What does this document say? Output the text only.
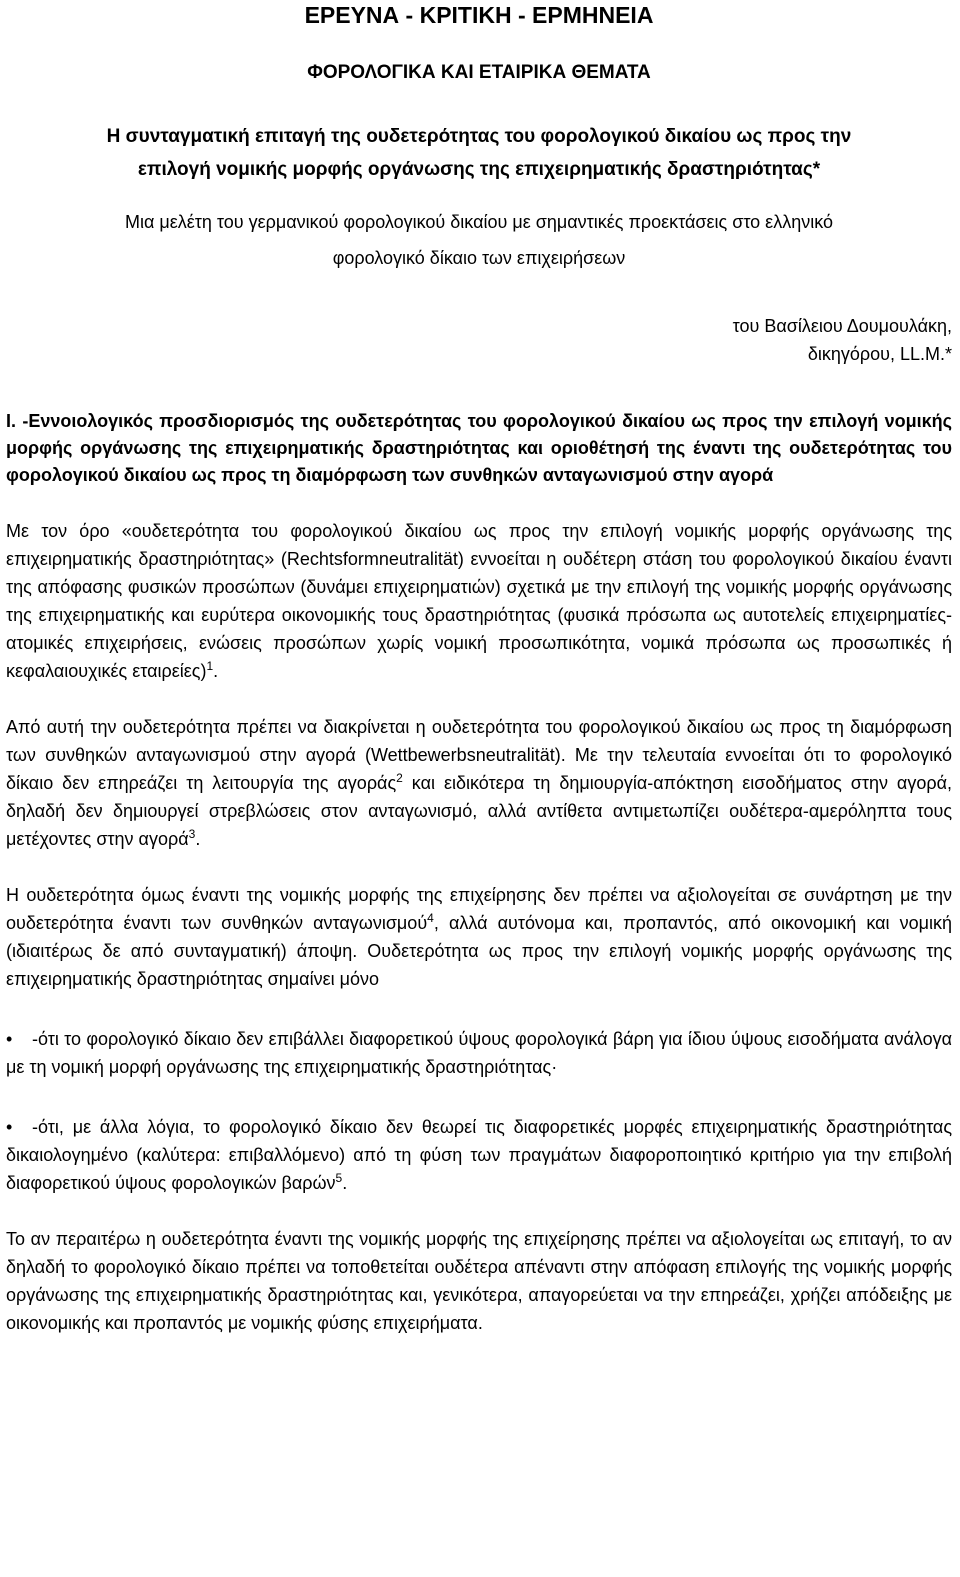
ΕΡΕΥΝΑ - ΚΡΙΤΙΚΗ - ΕΡΜΗΝΕΙΑ
ΦΟΡΟΛΟΓΙΚΑ ΚΑΙ ΕΤΑΙΡΙΚΑ ΘΕΜΑΤΑ
Η συνταγματική επιταγή της ουδετερότητας του φορολογικού δικαίου ως προς την
επιλογή νομικής μορφής οργάνωσης της επιχειρηματικής δραστηριότητας*
Μια μελέτη του γερμανικού φορολογικού δικαίου με σημαντικές προεκτάσεις στο ελληνικό
φορολογικό δίκαιο των επιχειρήσεων
του Βασίλειου Δουμουλάκη,
δικηγόρου, LL.M.*
I. -Εννοιολογικός προσδιορισμός της ουδετερότητας του φορολογικού δικαίου ως προς την επιλογή νομικής μορφής οργάνωσης της επιχειρηματικής δραστηριότητας και οριοθέτησή της έναντι της ουδετερότητας του φορολογικού δικαίου ως προς τη διαμόρφωση των συνθηκών ανταγωνισμού στην αγορά

Με τον όρο «ουδετερότητα του φορολογικού δικαίου ως προς την επιλογή νομικής μορφής οργάνωσης της επιχειρηματικής δραστηριότητας» (Rechtsformneutralität) εννοείται η ουδέτερη στάση του φορολογικού δικαίου έναντι της απόφασης φυσικών προσώπων (δυνάμει επιχειρηματιών) σχετικά με την επιλογή της νομικής μορφής οργάνωσης της επιχειρηματικής και ευρύτερα οικονομικής τους δραστηριότητας (φυσικά πρόσωπα ως αυτοτελείς επιχειρηματίες-ατομικές επιχειρήσεις, ενώσεις προσώπων χωρίς νομική προσωπικότητα, νομικά πρόσωπα ως προσωπικές ή κεφαλαιουχικές εταιρείες)$^1$.

Από αυτή την ουδετερότητα πρέπει να διακρίνεται η ουδετερότητα του φορολογικού δικαίου ως προς τη διαμόρφωση των συνθηκών ανταγωνισμού στην αγορά (Wettbewerbsneutralität). Με την τελευταία εννοείται ότι το φορολογικό δίκαιο δεν επηρεάζει τη λειτουργία της αγοράς$^2$ και ειδικότερα τη δημιουργία-απόκτηση εισοδήματος στην αγορά, δηλαδή δεν δημιουργεί στρεβλώσεις στον ανταγωνισμό, αλλά αντίθετα αντιμετωπίζει ουδέτερα-αμερόληπτα τους μετέχοντες στην αγορά$^3$.

Η ουδετερότητα όμως έναντι της νομικής μορφής της επιχείρησης δεν πρέπει να αξιολογείται σε συνάρτηση με την ουδετερότητα έναντι των συνθηκών ανταγωνισμού$^4$, αλλά αυτόνομα και, προπαντός, από οικονομική και νομική (ιδιαιτέρως δε από συνταγματική) άποψη. Ουδετερότητα ως προς την επιλογή νομικής μορφής οργάνωσης της επιχειρηματικής δραστηριότητας σημαίνει μόνο

• -ότι το φορολογικό δίκαιο δεν επιβάλλει διαφορετικού ύψους φορολογικά βάρη για ίδιου ύψους εισοδήματα ανάλογα με τη νομική μορφή οργάνωσης της επιχειρηματικής δραστηριότητας·

• -ότι, με άλλα λόγια, το φορολογικό δίκαιο δεν θεωρεί τις διαφορετικές μορφές επιχειρηματικής δραστηριότητας δικαιολογημένο (καλύτερα: επιβαλλόμενο) από τη φύση των πραγμάτων διαφοροποιητικό κριτήριο για την επιβολή διαφορετικού ύψους φορολογικών βαρών$^5$.

Το αν περαιτέρω η ουδετερότητα έναντι της νομικής μορφής της επιχείρησης πρέπει να αξιολογείται ως επιταγή, το αν δηλαδή το φορολογικό δίκαιο πρέπει να τοποθετείται ουδέτερα απέναντι στην απόφαση επιλογής της νομικής μορφής οργάνωσης της επιχειρηματικής δραστηριότητας και, γενικότερα, απαγορεύεται να την επηρεάζει, χρήζει απόδειξης με οικονομικής και προπαντός με νομικής φύσης επιχειρήματα.
